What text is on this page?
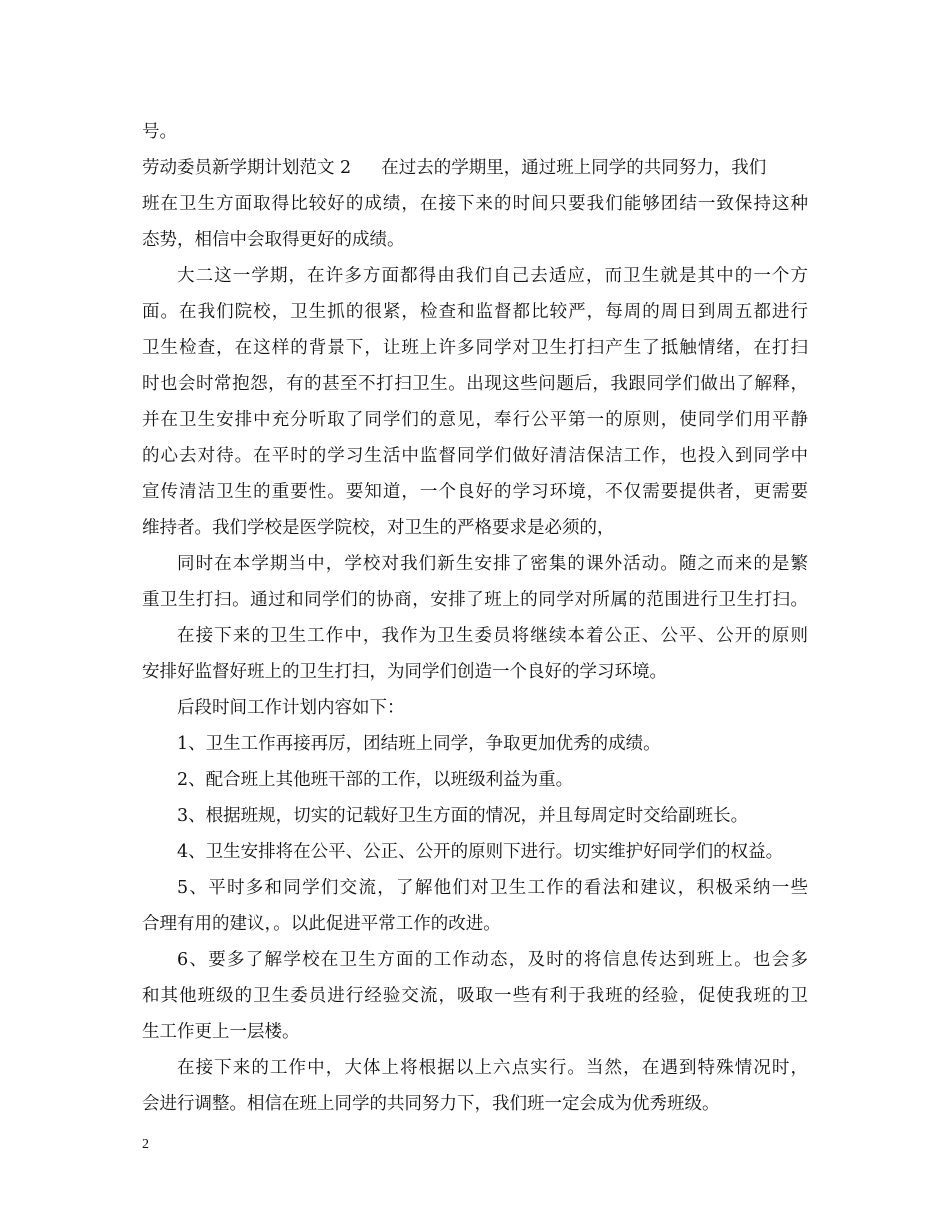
号。
劳动委员新学期计划范文 2 在过去的学期里，通过班上同学的共同努力，我们
班在卫生方面取得比较好的成绩，在接下来的时间只要我们能够团结一致保持这种
态势，相信中会取得更好的成绩。
大二这一学期，在许多方面都得由我们自己去适应，而卫生就是其中的一个方
面。在我们院校，卫生抓的很紧，检查和监督都比较严，每周的周日到周五都进行
卫生检查，在这样的背景下，让班上许多同学对卫生打扫产生了抵触情绪，在打扫
时也会时常抱怨，有的甚至不打扫卫生。出现这些问题后，我跟同学们做出了解释，
并在卫生安排中充分听取了同学们的意见，奉行公平第一的原则，使同学们用平静
的心去对待。在平时的学习生活中监督同学们做好清洁保洁工作，也投入到同学中
宣传清洁卫生的重要性。要知道，一个良好的学习环境，不仅需要提供者，更需要
维持者。我们学校是医学院校，对卫生的严格要求是必须的，
同时在本学期当中，学校对我们新生安排了密集的课外活动。随之而来的是繁
重卫生打扫。通过和同学们的协商，安排了班上的同学对所属的范围进行卫生打扫。
在接下来的卫生工作中，我作为卫生委员将继续本着公正、公平、公开的原则
安排好监督好班上的卫生打扫，为同学们创造一个良好的学习环境。
后段时间工作计划内容如下：
1、卫生工作再接再厉，团结班上同学，争取更加优秀的成绩。
2、配合班上其他班干部的工作，以班级利益为重。
3、根据班规，切实的记载好卫生方面的情况，并且每周定时交给副班长。
4、卫生安排将在公平、公正、公开的原则下进行。切实维护好同学们的权益。
5、平时多和同学们交流，了解他们对卫生工作的看法和建议，积极采纳一些
合理有用的建议，。以此促进平常工作的改进。
6、要多了解学校在卫生方面的工作动态，及时的将信息传达到班上。也会多
和其他班级的卫生委员进行经验交流，吸取一些有利于我班的经验，促使我班的卫
生工作更上一层楼。
在接下来的工作中，大体上将根据以上六点实行。当然，在遇到特殊情况时，
会进行调整。相信在班上同学的共同努力下，我们班一定会成为优秀班级。
2
